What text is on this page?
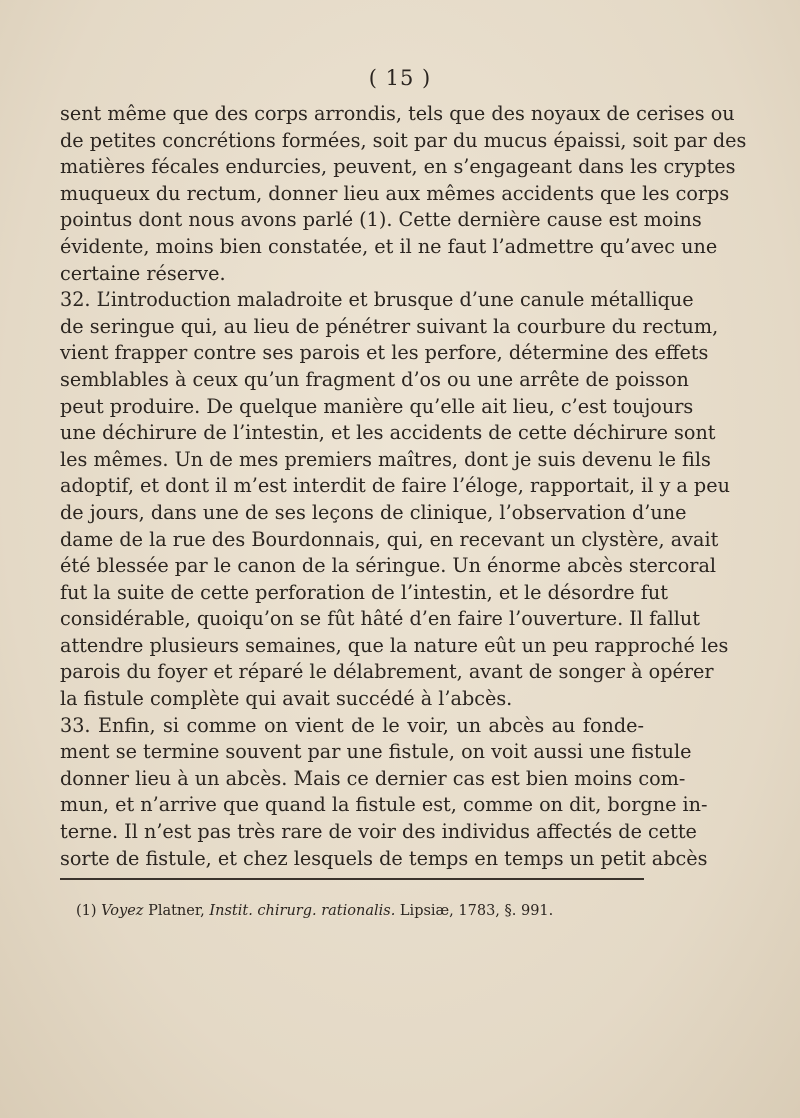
( 15 )
sent même que des corps arrondis, tels que des noyaux de cerises ou
de petites concrétions formées, soit par du mucus épaissi, soit par des
matières fécales endurcies, peuvent, en s’engageant dans les cryptes
muqueux du rectum, donner lieu aux mêmes accidents que les corps
pointus dont nous avons parlé (1). Cette dernière cause est moins
évidente, moins bien constatée, et il ne faut l’admettre qu’avec une
certaine réserve.
32. L’introduction maladroite et brusque d’une canule métallique
de seringue qui, au lieu de pénétrer suivant la courbure du rectum,
vient frapper contre ses parois et les perfore, détermine des effets
semblables à ceux qu’un fragment d’os ou une arrête de poisson
peut produire. De quelque manière qu’elle ait lieu, c’est toujours
une déchirure de l’intestin, et les accidents de cette déchirure sont
les mêmes. Un de mes premiers maîtres, dont je suis devenu le fils
adoptif, et dont il m’est interdit de faire l’éloge, rapportait, il y a peu
de jours, dans une de ses leçons de clinique, l’observation d’une
dame de la rue des Bourdonnais, qui, en recevant un clystère, avait
été blessée par le canon de la séringue. Un énorme abcès stercoral
fut la suite de cette perforation de l’intestin, et le désordre fut
considérable, quoiqu’on se fût hâté d’en faire l’ouverture. Il fallut
attendre plusieurs semaines, que la nature eût un peu rapproché les
parois du foyer et réparé le délabrement, avant de songer à opérer
la fistule complète qui avait succédé à l’abcès.
33. Enfin, si comme on vient de le voir, un abcès au fonde-
ment se termine souvent par une fistule, on voit aussi une fistule
donner lieu à un abcès. Mais ce dernier cas est bien moins com-
mun, et n’arrive que quand la fistule est, comme on dit, borgne in-
terne. Il n’est pas très rare de voir des individus affectés de cette
sorte de fistule, et chez lesquels de temps en temps un petit abcès
(1) Voyez Platner, Instit. chirurg. rationalis. Lipsiæ, 1783, §. 991.
